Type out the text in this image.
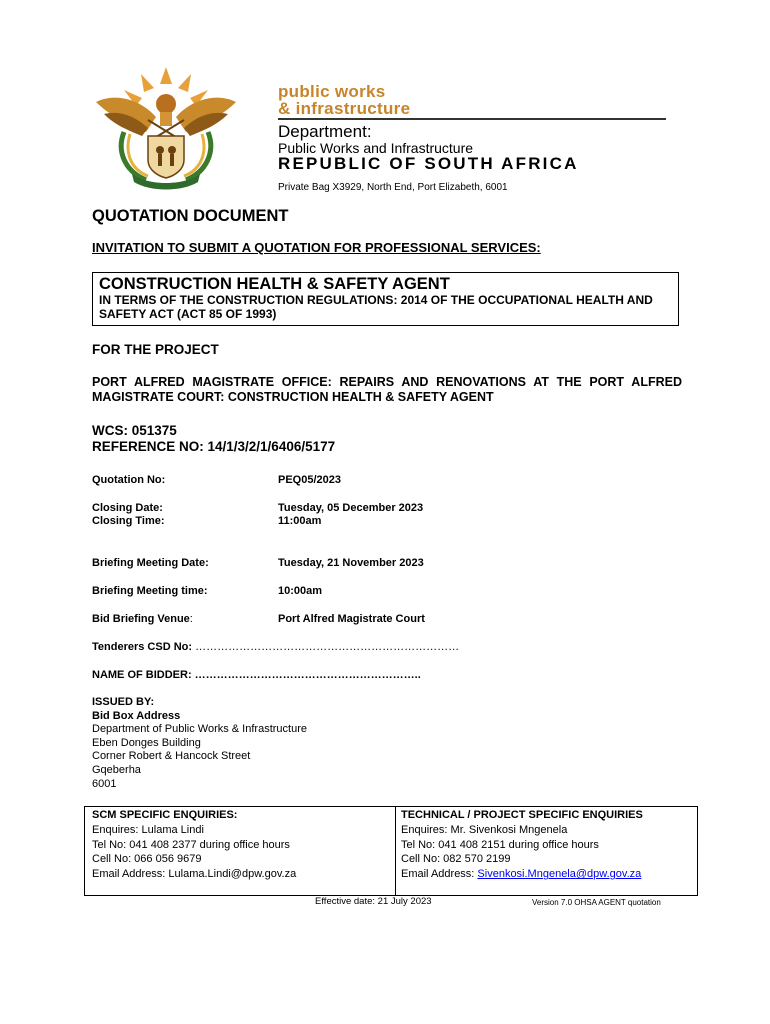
public works
& infrastructure
Department:
Public Works and Infrastructure
REPUBLIC OF SOUTH AFRICA
Private Bag X3929, North End, Port Elizabeth, 6001
QUOTATION DOCUMENT
INVITATION TO SUBMIT A QUOTATION FOR PROFESSIONAL SERVICES:
CONSTRUCTION HEALTH & SAFETY AGENT
IN TERMS OF THE CONSTRUCTION REGULATIONS: 2014 OF THE OCCUPATIONAL HEALTH AND SAFETY ACT (ACT 85 OF 1993)
FOR THE PROJECT
PORT ALFRED MAGISTRATE OFFICE: REPAIRS AND RENOVATIONS AT THE PORT ALFRED MAGISTRATE COURT: CONSTRUCTION HEALTH & SAFETY AGENT
WCS: 051375
REFERENCE NO: 14/1/3/2/1/6406/5177
Quotation No:	PEQ05/2023
Closing Date:	Tuesday, 05 December 2023
Closing Time:	11:00am
Briefing Meeting Date:	Tuesday, 21 November 2023
Briefing Meeting time:	10:00am
Bid Briefing Venue:	Port Alfred Magistrate Court
Tenderers CSD No: ………………………………………………………………
NAME OF BIDDER: ……………………………………………………..
ISSUED BY:
Bid Box Address
Department of Public Works & Infrastructure
Eben Donges Building
Corner Robert & Hancock Street
Gqeberha
6001
SCM SPECIFIC ENQUIRIES:
Enquires: Lulama Lindi
Tel No: 041 408 2377 during office hours
Cell No: 066 056 9679
Email Address: Lulama.Lindi@dpw.gov.za
TECHNICAL / PROJECT SPECIFIC ENQUIRIES
Enquires: Mr. Sivenkosi Mngenela
Tel No: 041 408 2151 during office hours
Cell No: 082 570 2199
Email Address: Sivenkosi.Mngenela@dpw.gov.za
Effective date: 21 July 2023	Version 7.0 OHSA AGENT quotation
